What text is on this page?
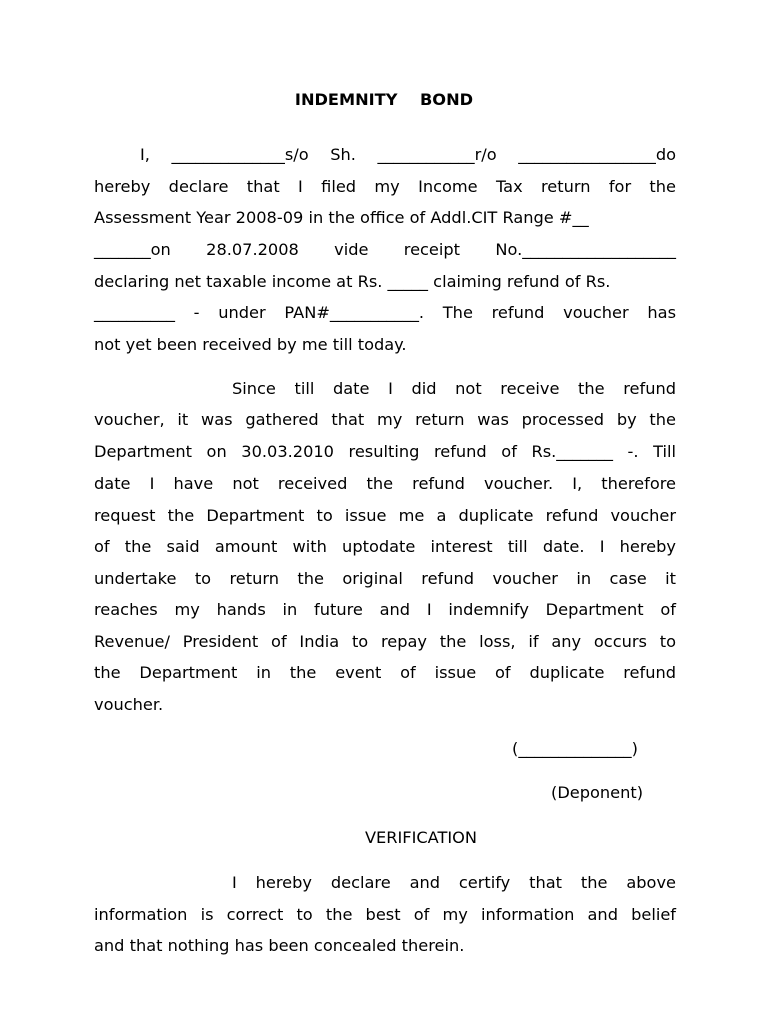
INDEMNITY    BOND
I, ______________s/o Sh. ____________r/o _________________do
hereby declare that I filed my Income Tax return for the
Assessment Year 2008-09 in the office of Addl.CIT Range #__
_______on 28.07.2008 vide receipt No.___________________
declaring net taxable income at Rs. _____ claiming refund of Rs.
__________ - under PAN#___________. The refund voucher has
not yet been received by me till today.
Since till date I did not receive the refund
voucher, it was gathered that my return was processed by the
Department on 30.03.2010 resulting refund of Rs._______ -. Till
date I have not received the refund voucher. I, therefore
request the Department to issue me a duplicate refund voucher
of the said amount with uptodate interest till date. I hereby
undertake to return the original refund voucher in case it
reaches my hands in future and I indemnify Department of
Revenue/ President of India to repay the loss, if any occurs to
the Department in the event of issue of duplicate refund
voucher.
(______________)
(Deponent)
VERIFICATION
I hereby declare and certify that the above
information is correct to the best of my information and belief
and that nothing has been concealed therein.
